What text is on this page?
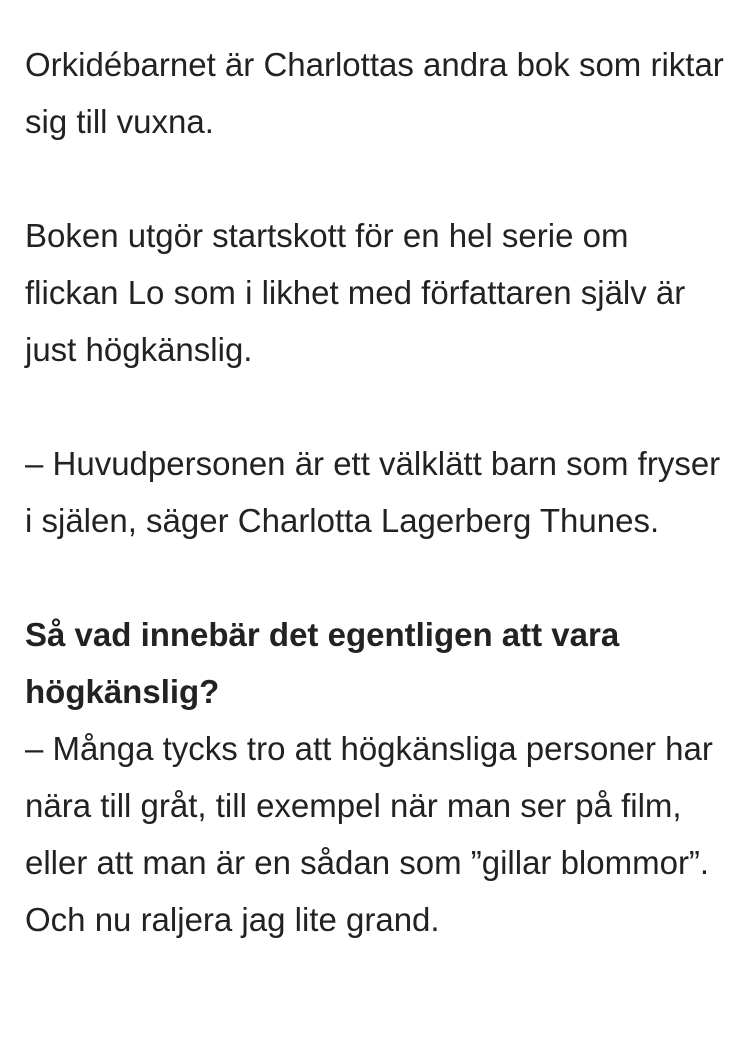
Orkidébarnet är Charlottas andra bok som riktar sig till vuxna.

Boken utgör startskott för en hel serie om flickan Lo som i likhet med författaren själv är just högkänslig.

– Huvudpersonen är ett välklätt barn som fryser i själen, säger Charlotta Lagerberg Thunes.

Så vad innebär det egentligen att vara högkänslig?

– Många tycks tro att högkänsliga personer har nära till gråt, till exempel när man ser på film, eller att man är en sådan som ”gillar blommor”. Och nu raljera jag lite grand.
